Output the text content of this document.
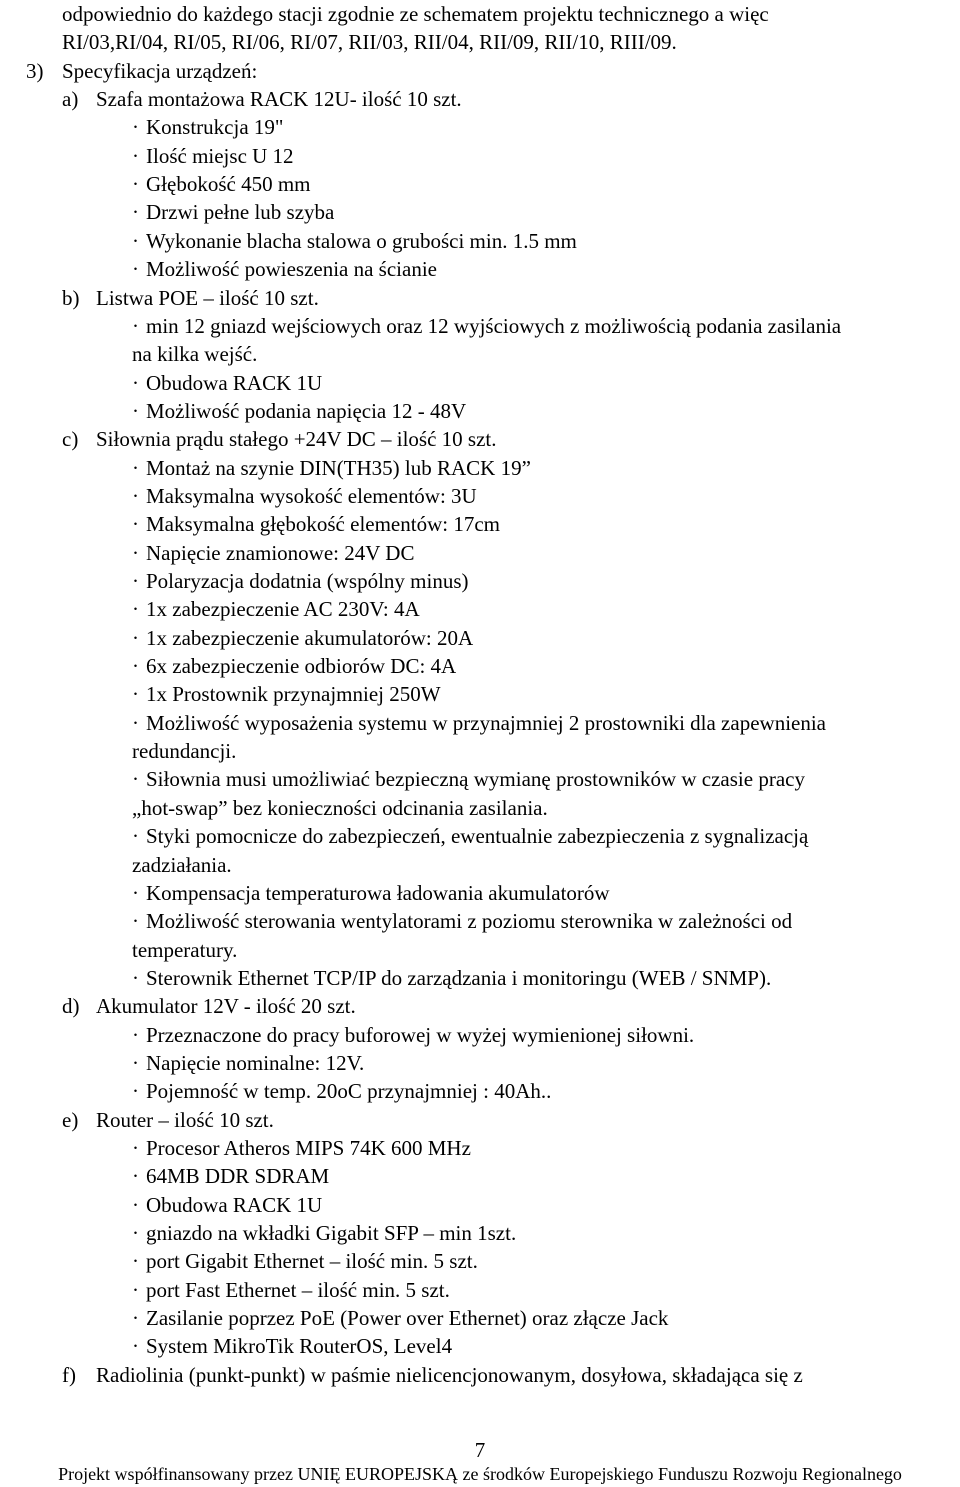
odpowiednio do każdego stacji zgodnie ze schematem projektu technicznego a więc
RI/03,RI/04, RI/05, RI/06, RI/07, RII/03, RII/04, RII/09, RII/10, RIII/09.
3) Specyfikacja urządzeń:
a) Szafa montażowa RACK 12U- ilość 10 szt.
· Konstrukcja 19"
· Ilość miejsc U 12
· Głębokość 450 mm
· Drzwi pełne lub szyba
· Wykonanie blacha stalowa o grubości min. 1.5 mm
· Możliwość powieszenia na ścianie
b) Listwa POE – ilość 10 szt.
· min 12 gniazd wejściowych oraz 12 wyjściowych z możliwością podania zasilania
na kilka wejść.
· Obudowa RACK 1U
· Możliwość podania napięcia 12 - 48V
c) Siłownia prądu stałego +24V DC – ilość 10 szt.
· Montaż na szynie DIN(TH35) lub RACK 19”
· Maksymalna wysokość elementów: 3U
· Maksymalna głębokość elementów: 17cm
· Napięcie znamionowe: 24V DC
· Polaryzacja dodatnia (wspólny minus)
· 1x zabezpieczenie AC 230V: 4A
· 1x zabezpieczenie akumulatorów: 20A
· 6x zabezpieczenie odbiorów DC: 4A
· 1x Prostownik przynajmniej 250W
· Możliwość wyposażenia systemu w przynajmniej 2 prostowniki dla zapewnienia
redundancji.
· Siłownia musi umożliwiać bezpieczną wymianę prostowników w czasie pracy
„hot-swap” bez konieczności odcinania zasilania.
· Styki pomocnicze do zabezpieczeń, ewentualnie zabezpieczenia z sygnalizacją
zadziałania.
· Kompensacja temperaturowa ładowania akumulatorów
· Możliwość sterowania wentylatorami z poziomu sterownika w zależności od
temperatury.
· Sterownik Ethernet TCP/IP do zarządzania i monitoringu (WEB / SNMP).
d) Akumulator 12V - ilość 20 szt.
· Przeznaczone do pracy buforowej w wyżej wymienionej siłowni.
· Napięcie nominalne: 12V.
· Pojemność w temp. 20oC przynajmniej : 40Ah..
e) Router – ilość 10 szt.
· Procesor Atheros MIPS 74K 600 MHz
· 64MB DDR SDRAM
· Obudowa RACK 1U
· gniazdo na wkładki Gigabit SFP – min 1szt.
· port Gigabit Ethernet – ilość min. 5 szt.
· port Fast Ethernet – ilość min. 5 szt.
· Zasilanie poprzez PoE (Power over Ethernet) oraz złącze Jack
· System MikroTik RouterOS, Level4
f) Radiolinia (punkt-punkt) w paśmie nielicencjonowanym, dosyłowa, składająca się z
7
Projekt współfinansowany przez UNIĘ EUROPEJSKĄ ze środków Europejskiego Funduszu Rozwoju Regionalnego
